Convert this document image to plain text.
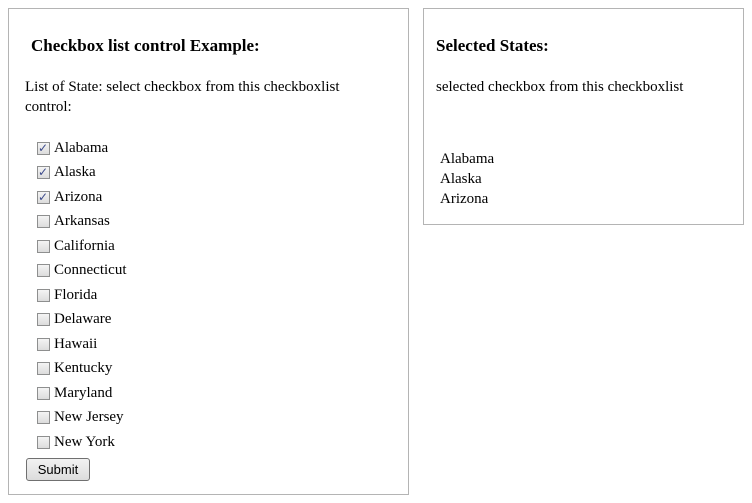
Checkbox list control Example:
List of State: select checkbox from this checkboxlist control:
✓
Alabama
✓
Alaska
✓
Arizona
Arkansas
California
Connecticut
Florida
Delaware
Hawaii
Kentucky
Maryland
New Jersey
New York
Submit
Selected States:
selected checkbox from this checkboxlist
Alabama
Alaska
Arizona
